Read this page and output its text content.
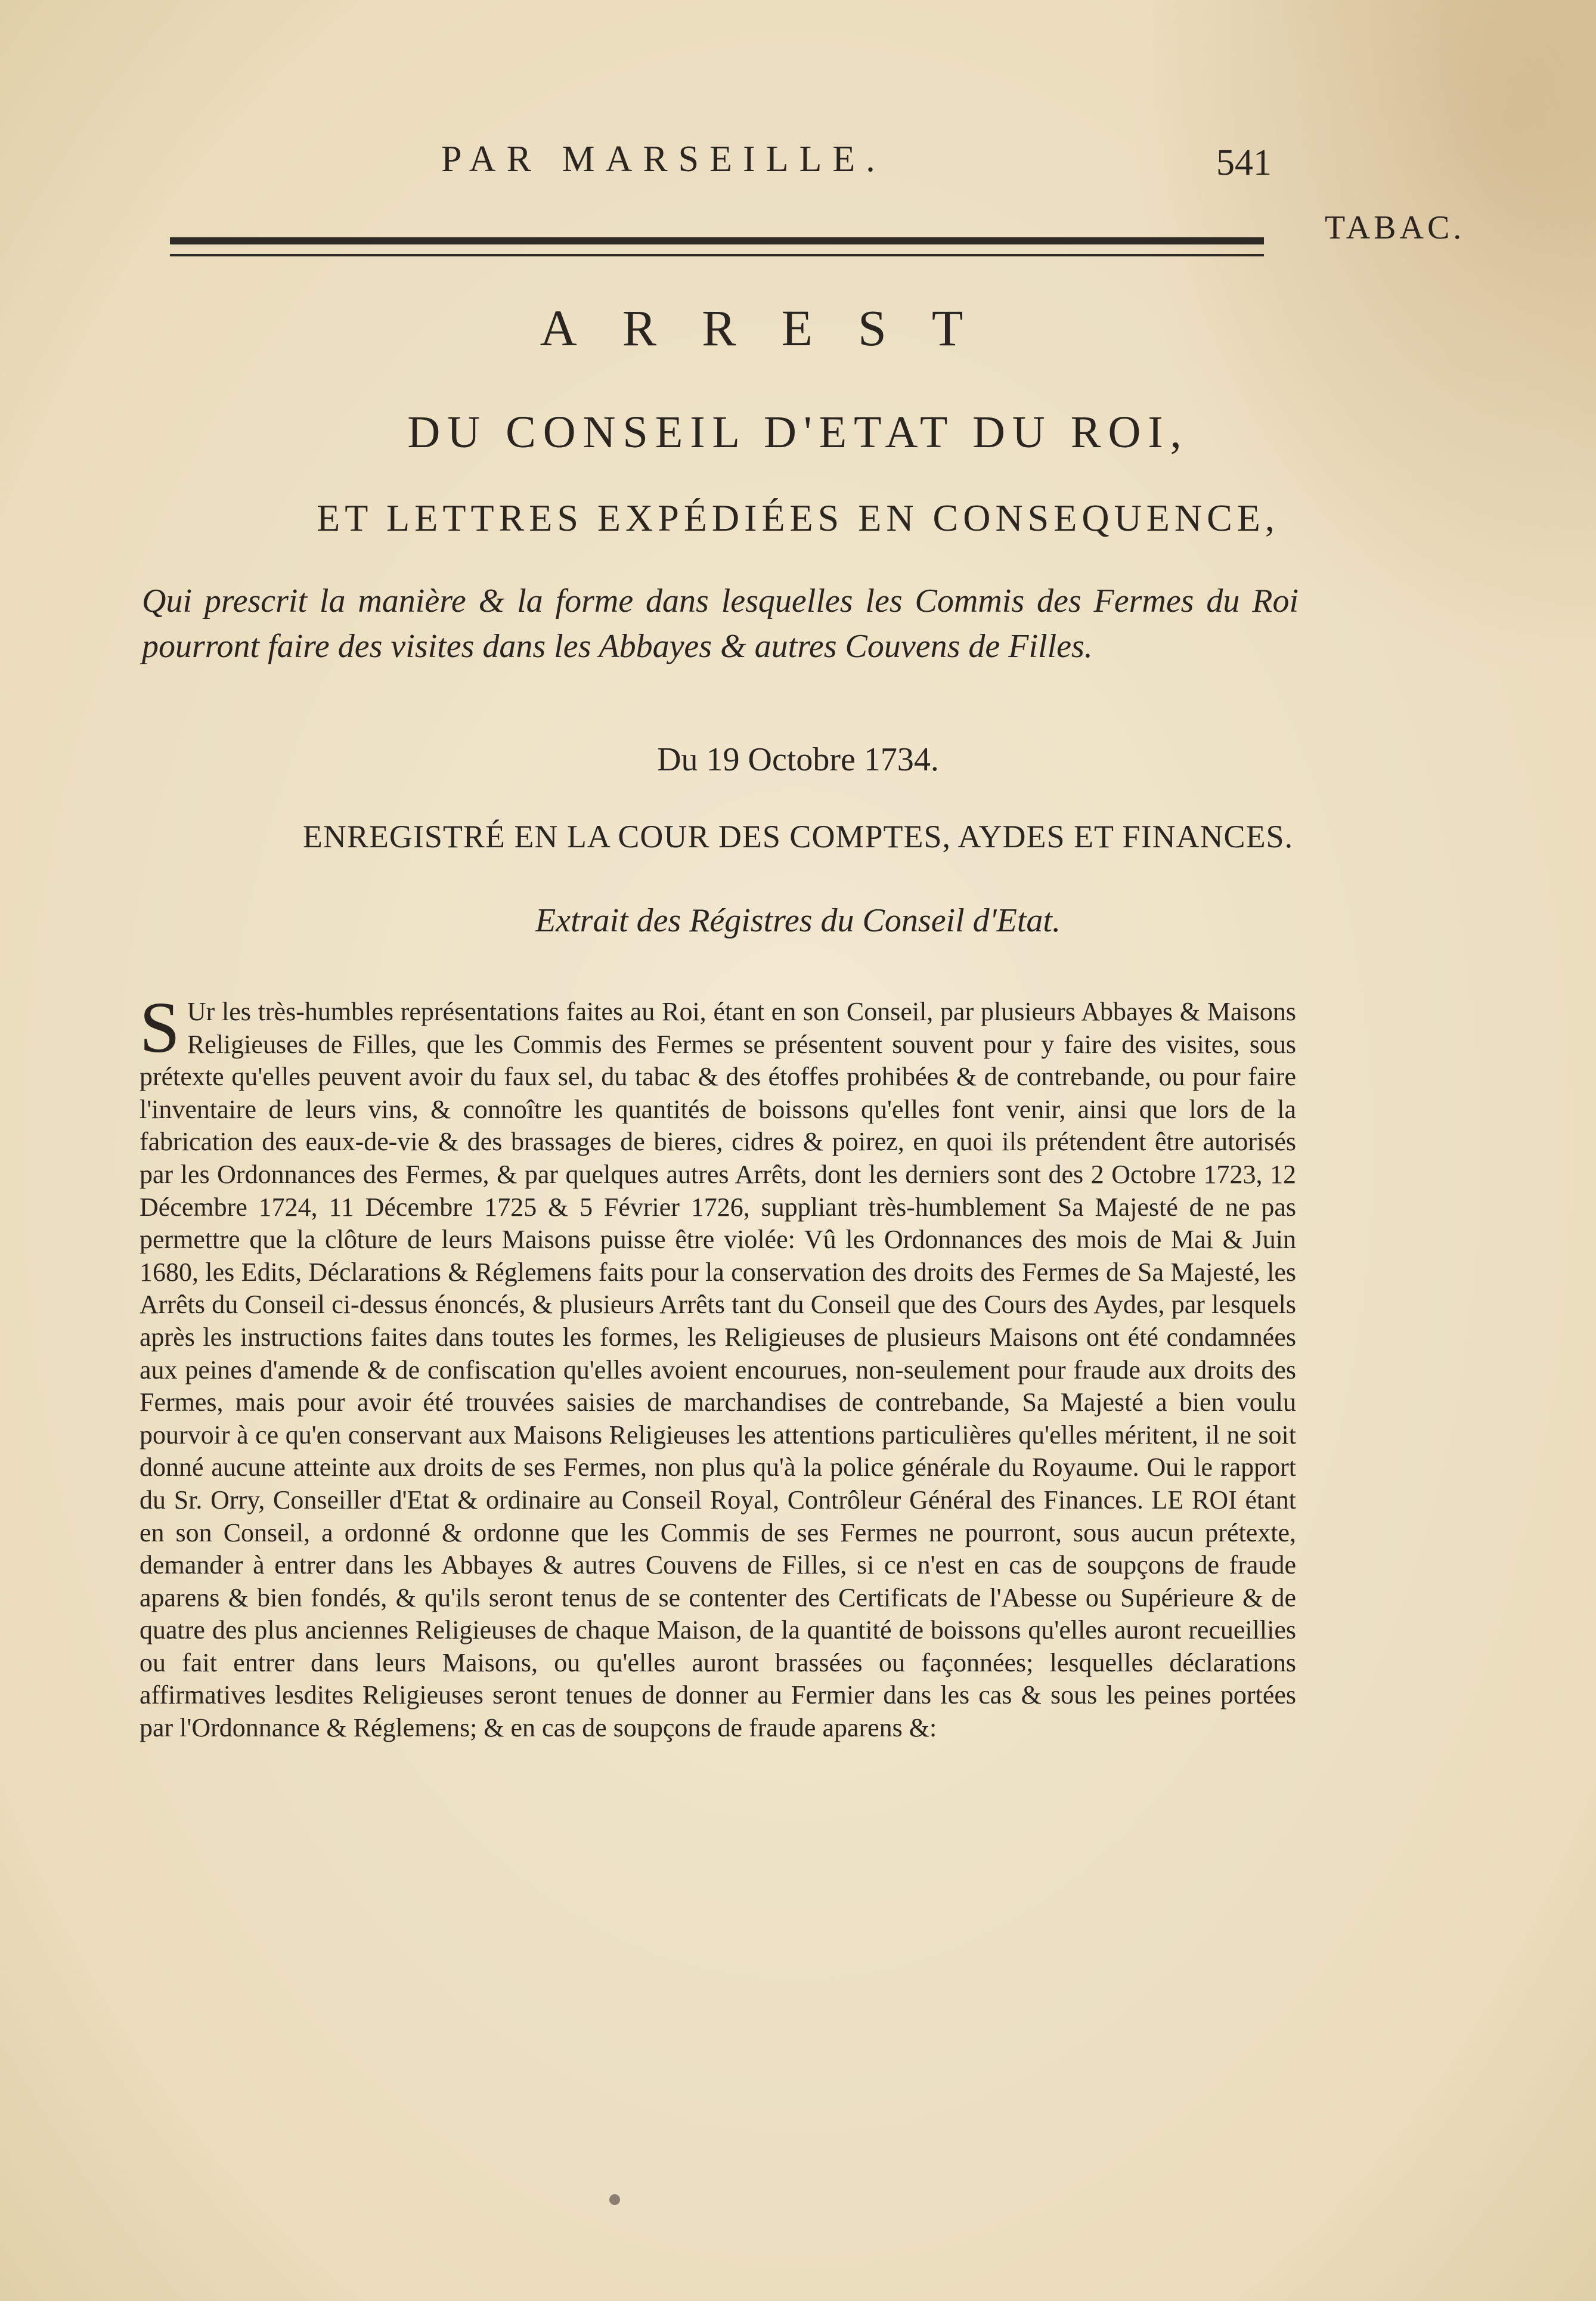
PAR MARSEILLE.	541
TABAC.
ARREST
DU CONSEIL D'ETAT DU ROI,
ET LETTRES EXPÉDIÉES EN CONSEQUENCE,
Qui prescrit la manière & la forme dans lesquelles les Commis des Fermes du Roi pourront faire des visites dans les Abbayes & autres Couvens de Filles.
Du 19 Octobre 1734.
ENREGISTRÉ EN LA COUR DES COMPTES, AYDES ET FINANCES.
Extrait des Régistres du Conseil d'Etat.
S Ur les très-humbles représentations faites au Roi, étant en son Conseil, par plusieurs Abbayes & Maisons Religieuses de Filles, que les Commis des Fermes se présentent souvent pour y faire des visites, sous prétexte qu'elles peuvent avoir du faux sel, du tabac & des étoffes prohibées & de contrebande, ou pour faire l'inventaire de leurs vins, & connoître les quantités de boissons qu'elles font venir, ainsi que lors de la fabrication des eaux-de-vie & des brassages de bieres, cidres & poirez, en quoi ils prétendent être autorisés par les Ordonnances des Fermes, & par quelques autres Arrêts, dont les derniers sont des 2 Octobre 1723, 12 Décembre 1724, 11 Décembre 1725 & 5 Février 1726, suppliant très-humblement Sa Majesté de ne pas permettre que la clôture de leurs Maisons puisse être violée: Vû les Ordonnances des mois de Mai & Juin 1680, les Edits, Déclarations & Réglemens faits pour la conservation des droits des Fermes de Sa Majesté, les Arrêts du Conseil ci-dessus énoncés, & plusieurs Arrêts tant du Conseil que des Cours des Aydes, par lesquels après les instructions faites dans toutes les formes, les Religieuses de plusieurs Maisons ont été condamnées aux peines d'amende & de confiscation qu'elles avoient encourues, non-seulement pour fraude aux droits des Fermes, mais pour avoir été trouvées saisies de marchandises de contrebande, Sa Majesté a bien voulu pourvoir à ce qu'en conservant aux Maisons Religieuses les attentions particulières qu'elles méritent, il ne soit donné aucune atteinte aux droits de ses Fermes, non plus qu'à la police générale du Royaume. Oui le rapport du Sr. Orry, Conseiller d'Etat & ordinaire au Conseil Royal, Contrôleur Général des Finances. LE ROI étant en son Conseil, a ordonné & ordonne que les Commis de ses Fermes ne pourront, sous aucun prétexte, demander à entrer dans les Abbayes & autres Couvens de Filles, si ce n'est en cas de soupçons de fraude aparens & bien fondés, & qu'ils seront tenus de se contenter des Certificats de l'Abesse ou Supérieure & de quatre des plus anciennes Religieuses de chaque Maison, de la quantité de boissons qu'elles auront recueillies ou fait entrer dans leurs Maisons, ou qu'elles auront brassées ou façonnées; lesquelles déclarations affirmatives lesdites Religieuses seront tenues de donner au Fermier dans les cas & sous les peines portées par l'Ordonnance & Réglemens; & en cas de soupçons de fraude aparens &:
